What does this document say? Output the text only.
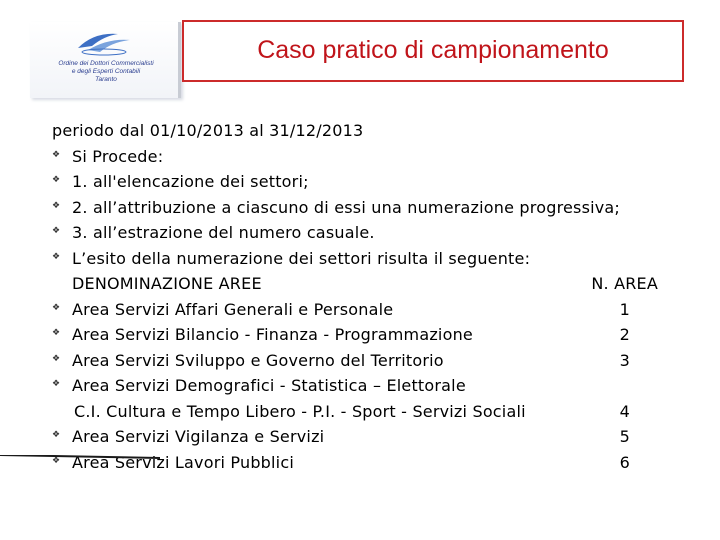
Ordine dei Dottori Commercialisti
e degli Esperti Contabili
Taranto
Caso pratico di campionamento
periodo dal 01/10/2013 al 31/12/2013
❖ Si Procede:
❖ 1. all'elencazione dei settori;
❖ 2. all’attribuzione a ciascuno di essi una numerazione progressiva;
❖ 3. all’estrazione del numero casuale.
❖ L’esito della numerazione dei settori risulta il seguente:
DENOMINAZIONE AREE	N. AREA
❖ Area Servizi Affari Generali e Personale	1
❖ Area Servizi Bilancio - Finanza - Programmazione	2
❖ Area Servizi Sviluppo e Governo del Territorio	3
❖ Area Servizi Demografici - Statistica – Elettorale
C.I. Cultura e Tempo Libero - P.I. - Sport - Servizi Sociali	4
❖ Area Servizi Vigilanza e Servizi	5
❖ Area Servizi Lavori Pubblici	6
